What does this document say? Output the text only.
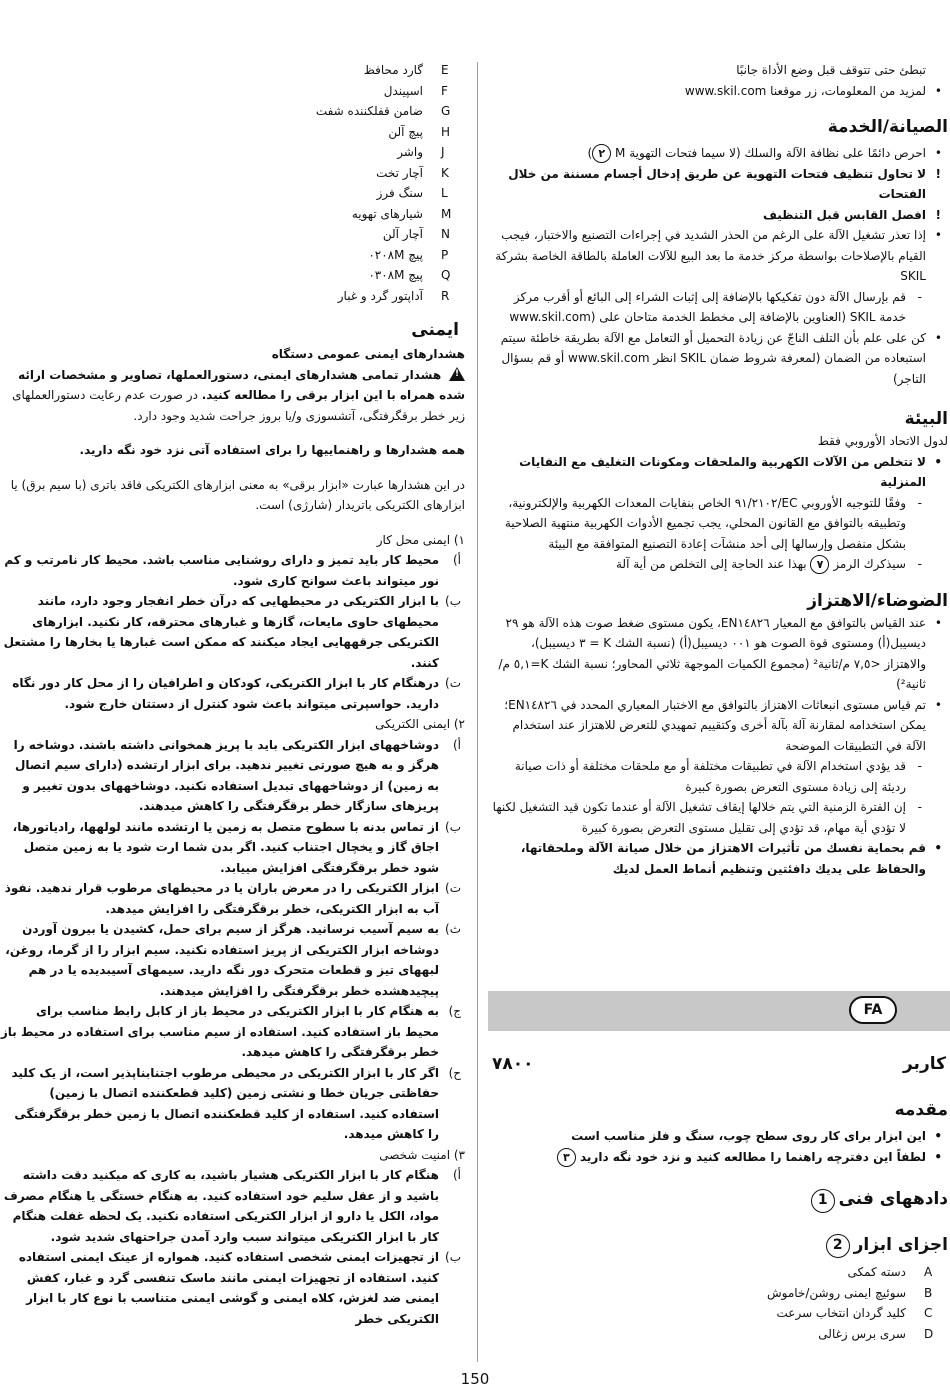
تبطئ حتى تتوقف قبل وضع الأداة جانبًا
• لمزيد من المعلومات، زر موقعنا www.skil.com
الصيانة/الخدمة
• احرص دائمًا على نظافة الآلة والسلك (لا سيما فتحات التهوية M ٢)
! لا تحاول تنظيف فتحات التهوية عن طريق إدخال أجسام مسننة من خلال الفتحات
! افصل القابس قبل التنظيف
• إذا تعذر تشغيل الآلة على الرغم من الحذر الشديد في إجراءات التصنيع والاختبار، فيجب القيام بالإصلاحات بواسطة مركز خدمة ما بعد البيع للآلات العاملة بالطاقة الخاصة بشركة SKIL
- قم بإرسال الآلة دون تفكيكها بالإضافة إلى إثبات الشراء إلى البائع أو أقرب مركز خدمة SKIL (العناوين بالإضافة إلى مخطط الخدمة متاحان على (www.skil.com
• كن على علم بأن التلف الناجّ عن زيادة التحميل أو التعامل مع الآلة بطريقة خاطئة سيتم استبعاده من الضمان (لمعرفة شروط ضمان SKIL انظر www.skil.com أو قم بسؤال التاجر)
البيئة
لدول الاتحاد الأوروبي فقط
• لا تتخلص من الآلات الكهربية والملحقات ومكونات التغليف مع النفايات المنزلية
- وفقًا للتوجيه الأوروبي EC/٩١/٢١٠٢ الخاص بنفايات المعدات الكهربية والإلكترونية، وتطبيقه بالتوافق مع القانون المحلي، يجب تجميع الأدوات الكهربية منتهية الصلاحية بشكل منفصل وإرسالها إلى أحد منشآت إعادة التصنيع المتوافقة مع البيئة
- سيذكرك الرمز ٧ بهذا عند الحاجة إلى التخلص من أية آلة
الضوضاء/الاهتزاز
• عند القياس بالتوافق مع المعيار EN١٤٨٢٦، يكون مستوى ضغط صوت هذه الآلة هو ٢٩ ديسيبل(أ) ومستوى قوة الصوت هو ٠٠١ ديسيبل(أ) (نسبة الشك K = ٣ ديسيبل)، والاهتزاز ‎<٧,٥ م/ثانية² (مجموع الكميات الموجهة ثلاثي المحاور؛ نسبة الشك K=٥,١ م/ثانية²)
• تم قياس مستوى انبعاثات الاهتزاز بالتوافق مع الاختبار المعياري المحدد في EN١٤٨٢٦؛ يمكن استخدامه لمقارنة آلة بآلة أخرى وكتقييم تمهيدي للتعرض للاهتزاز عند استخدام الآلة في التطبيقات الموضحة
- قد يؤدي استخدام الآلة في تطبيقات مختلفة أو مع ملحقات مختلفة أو ذات صيانة رديئة إلى زيادة مستوى التعرض بصورة كبيرة
- إن الفترة الزمنية التي يتم خلالها إيقاف تشغيل الآلة أو عندما تكون قيد التشغيل لكنها لا تؤدي أية مهام، قد تؤدي إلى تقليل مستوى التعرض بصورة كبيرة
• قم بحماية نفسك من تأثيرات الاهتزاز من خلال صيانة الآلة وملحقاتها، والحفاظ على يديك دافئتين وتنظيم أنماط العمل لديك
FA
کاربر
۷۸۰۰
مقدمه
• این ابزار برای کار روی سطح چوب، سنگ و فلز مناسب است
• لطفاً این دفترچه راهنما را مطالعه کنید و نزد خود نگه دارید ٣
دادههای فنی 1
اجزای ابزار 2
دسته کمکی A
سوئیچ ایمنی روشن/خاموش B
کلید گردان انتخاب سرعت C
سری برس زغالی D
گارد محافظ E
اسپیندل F
ضامن قفلکننده شفت G
پیچ آلن H
واشر J
آچار تخت K
سنگ فرز L
شیارهای تهویه M
آچار آلن N
پیچ ۰۲۰۸M P
پیچ ۰۳۰۸M Q
آداپتور گرد و غبار R
ایمنی
هشدارهای ایمنی عمومی دستگاه
! هشدار تمامی هشدارهای ایمنی، دستورالعملها، تصاویر و مشخصات ارائه شده همراه با این ابزار برقی را مطالعه کنید. در صورت عدم رعایت دستورالعملهای زیر خطر برقگرفتگی، آتشسوزی و/یا بروز جراحت شدید وجود دارد.
همه هشدارها و راهنماییها را برای استفاده آتی نزد خود نگه دارید.
در این هشدارها عبارت «ابزار برقی» به معنی ابزارهای الکتریکی فاقد باتری (با سیم برق) یا ابزارهای الکتریکی باتریدار (شارژی) است.
۱) ایمنی محل کار
أ)
محیط کار باید تمیز و دارای روشنایی مناسب باشد. محیط کار نامرتب و کم نور میتواند باعث سوانح کاری شود.
ب)
با ابزار الکتریکی در محیطهایی که درآن خطر انفجار وجود دارد، مانند محیطهای حاوی مایعات، گازها و غبارهای محترقه، کار نکنید. ابزارهای الکتریکی جرقههایی ایجاد میکنند که ممکن است غبارها یا بخارها را مشتعل کنند.
ت)
درهنگام کار با ابزار الکتریکی، کودکان و اطرافیان را از محل کار دور نگاه دارید. حواسپرتی میتواند باعث شود کنترل از دستتان خارج شود.
۲) ایمنی الکتریکی
أ)
دوشاخههای ابزار الکتریکی باید با پریز همخوانی داشته باشند. دوشاخه را هرگز و به هیچ صورتی تغییر ندهید. برای ابزار ارتشده (دارای سیم اتصال به زمین) از دوشاخههای تبدیل استفاده نکنید. دوشاخههای بدون تغییر و پریزهای سازگار خطر برقگرفتگی را کاهش میدهند.
ب)
از تماس بدنه با سطوح متصل به زمین یا ارتشده مانند لولهها، رادیاتورها، اجاق گاز و یخچال اجتناب کنید. اگر بدن شما ارت شود یا به زمین متصل شود خطر برقگرفتگی افزایش مییابد.
ت)
ابزار الکتریکی را در معرض باران یا در محیطهای مرطوب قرار ندهید. نفوذ آب به ابزار الکتریکی، خطر برقگرفتگی را افزایش میدهد.
ث)
به سیم آسیب نرسانید. هرگز از سیم برای حمل، کشیدن یا بیرون آوردن دوشاخه ابزار الکتریکی از پریز استفاده نکنید. سیم ابزار را از گرما، روغن، لبههای تیز و قطعات متحرک دور نگه دارید. سیمهای آسیبدیده یا در هم پیچیدهشده خطر برقگرفتگی را افزایش میدهند.
ج)
به هنگام کار با ابزار الکتریکی در محیط باز از کابل رابط مناسب برای محیط باز استفاده کنید. استفاده از سیم مناسب برای استفاده در محیط باز خطر برقگرفتگی را کاهش میدهد.
ح)
اگر کار با ابزار الکتریکی در محیطی مرطوب اجتنابناپذیر است، از یک کلید حفاظتی جریان خطا و نشتی زمین (کلید قطعکننده اتصال با زمین) استفاده کنید. استفاده از کلید قطعکننده اتصال با زمین خطر برقگرفتگی را کاهش میدهد.
۳) امنیت شخصی
أ)
هنگام کار با ابزار الکتریکی هشیار باشید، به کاری که میکنید دقت داشته باشید و از عقل سلیم خود استفاده کنید. به هنگام خستگی یا هنگام مصرف مواد، الکل یا دارو از ابزار الکتریکی استفاده نکنید. یک لحظه غفلت هنگام کار با ابزار الکتریکی میتواند سبب وارد آمدن جراحتهای شدید شود.
ب)
از تجهیزات ایمنی شخصی استفاده کنید. همواره از عینک ایمنی استفاده کنید. استفاده از تجهیزات ایمنی مانند ماسک تنفسی گرد و غبار، کفش ایمنی ضد لغزش، کلاه ایمنی و گوشی ایمنی متناسب با نوع کار با ابزار الکتریکی خطر
150
